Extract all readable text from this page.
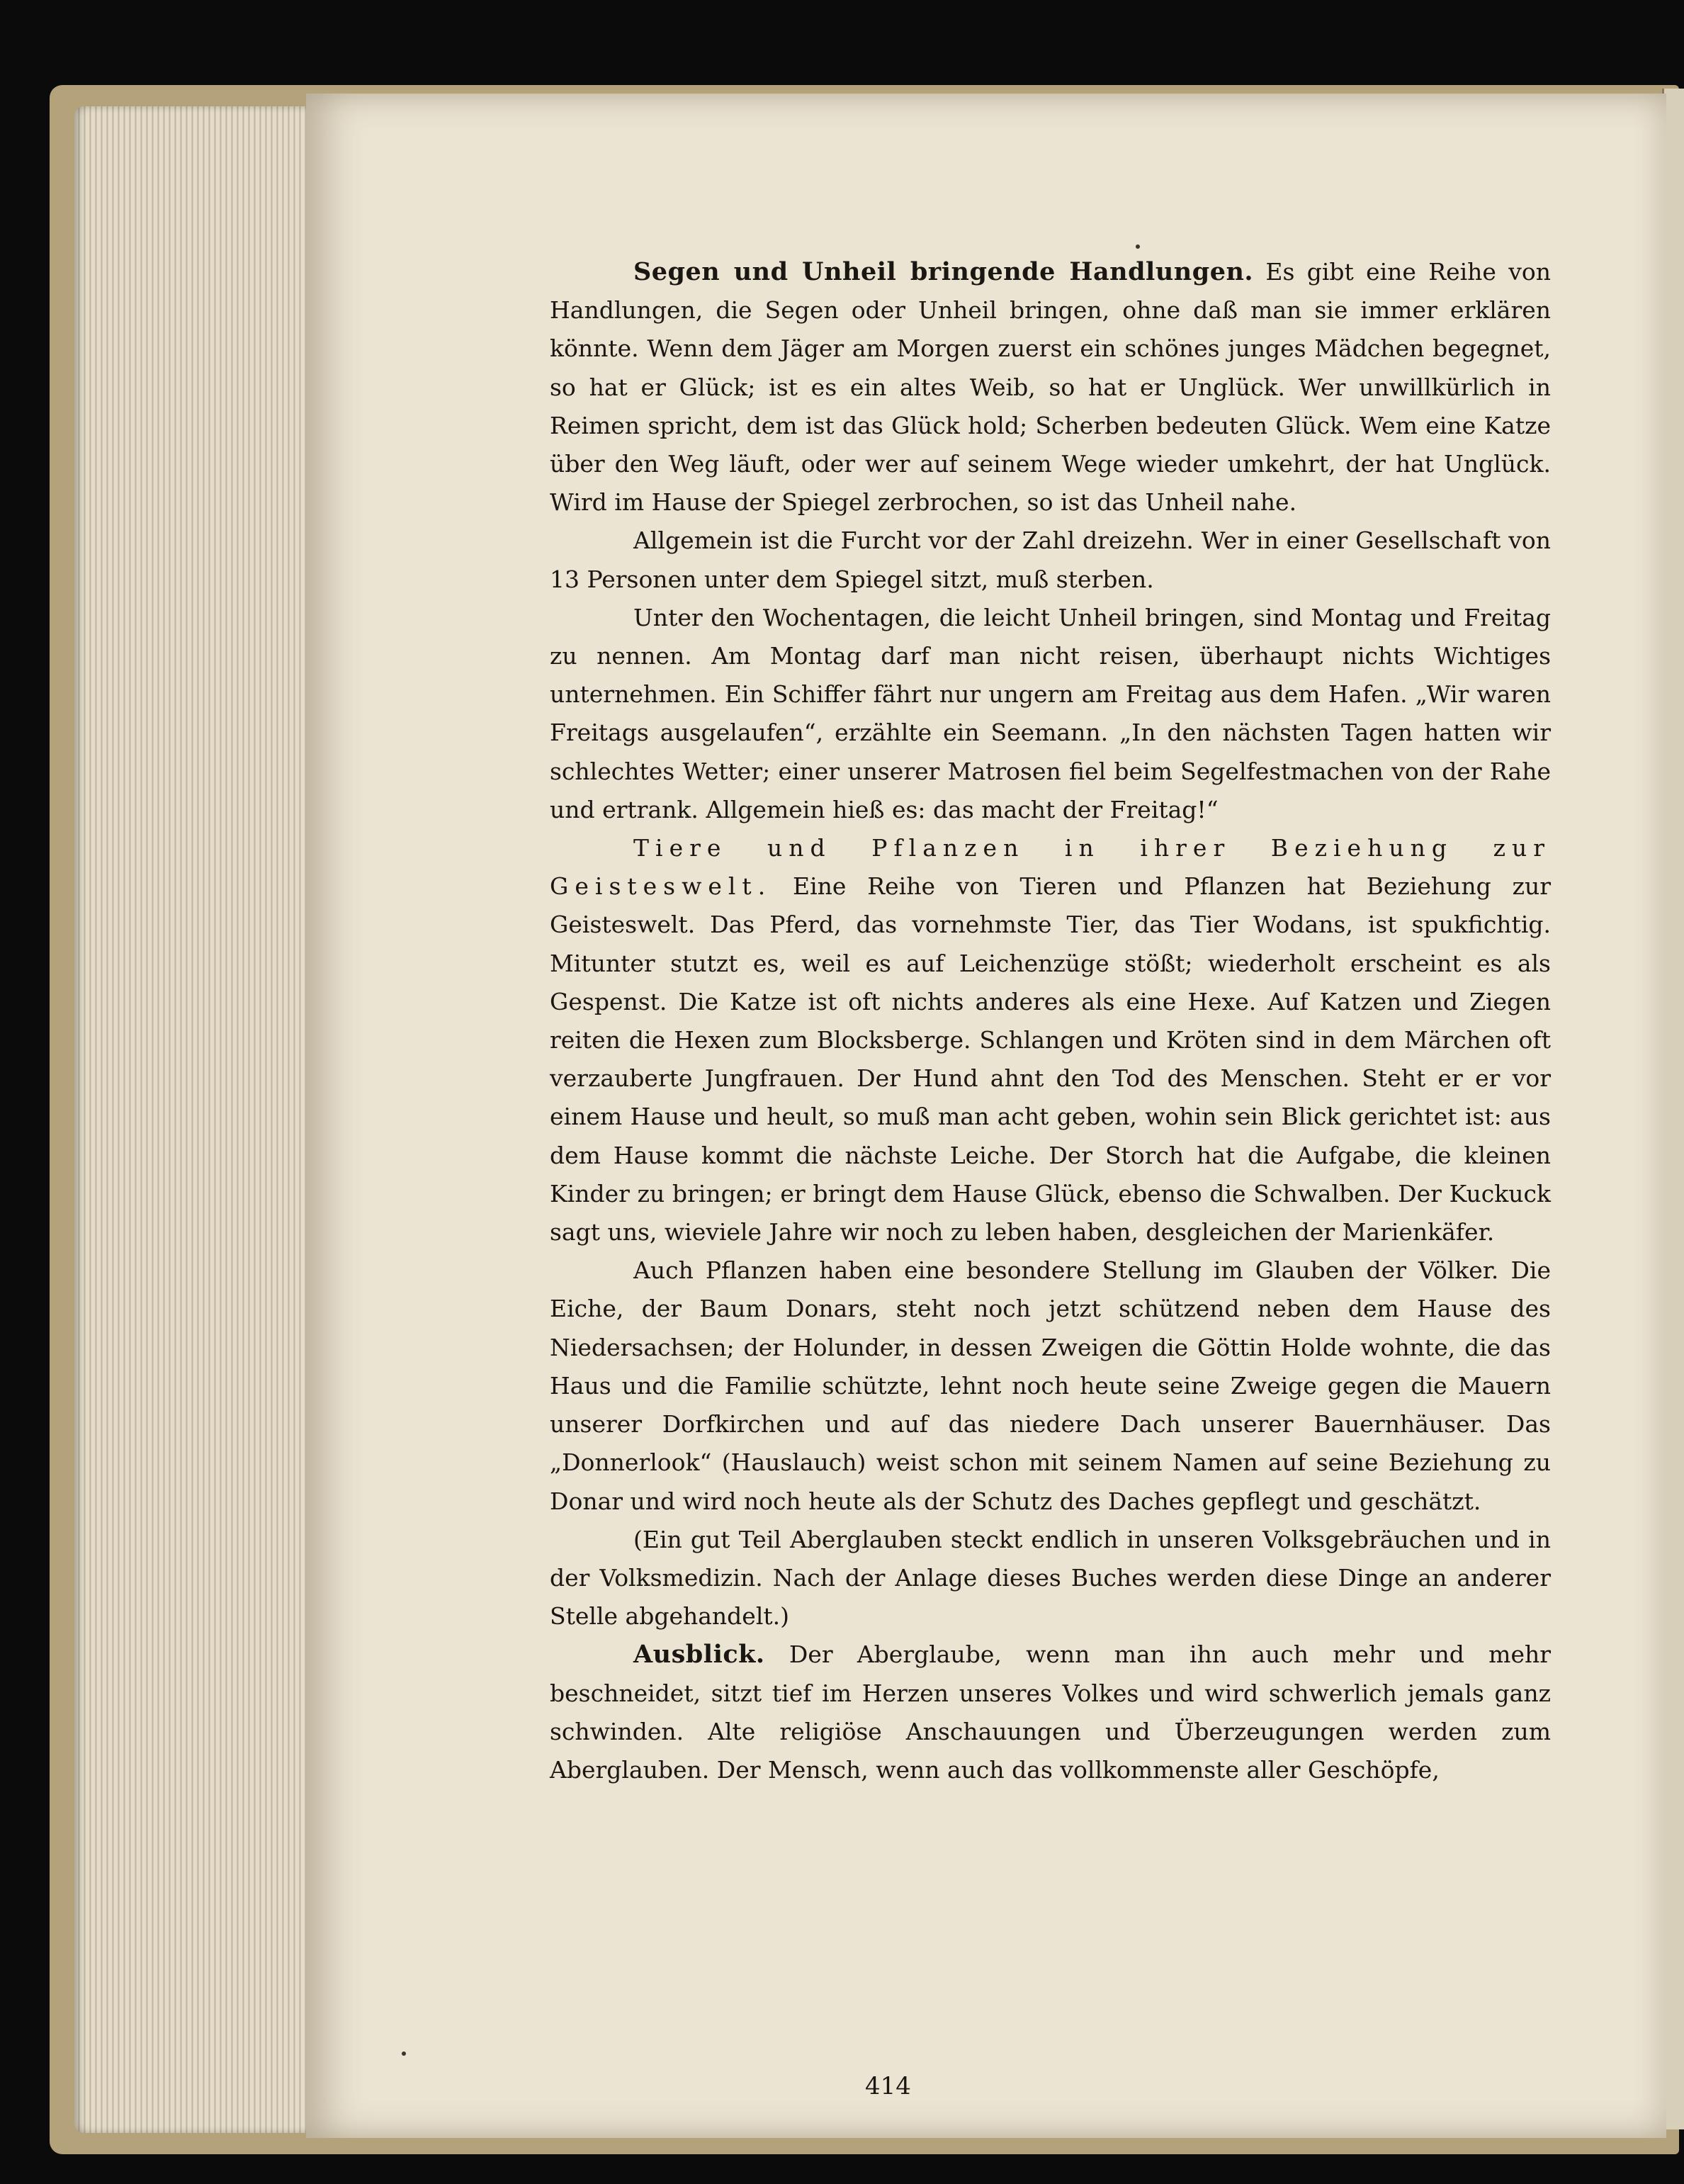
Segen und Unheil bringende Handlungen. Es gibt eine Reihe von Handlungen, die Segen oder Unheil bringen, ohne daß man sie immer erklären könnte. Wenn dem Jäger am Morgen zuerst ein schönes junges Mädchen begegnet, so hat er Glück; ist es ein altes Weib, so hat er Unglück. Wer unwillkürlich in Reimen spricht, dem ist das Glück hold; Scherben bedeuten Glück. Wem eine Katze über den Weg läuft, oder wer auf seinem Wege wieder umkehrt, der hat Unglück. Wird im Hause der Spiegel zerbrochen, so ist das Unheil nahe.

Allgemein ist die Furcht vor der Zahl dreizehn. Wer in einer Gesellschaft von 13 Personen unter dem Spiegel sitzt, muß sterben.

Unter den Wochentagen, die leicht Unheil bringen, sind Montag und Freitag zu nennen. Am Montag darf man nicht reisen, überhaupt nichts Wichtiges unternehmen. Ein Schiffer fährt nur ungern am Freitag aus dem Hafen. „Wir waren Freitags ausgelaufen“, erzählte ein Seemann. „In den nächsten Tagen hatten wir schlechtes Wetter; einer unserer Matrosen fiel beim Segelfestmachen von der Rahe und ertrank. Allgemein hieß es: das macht der Freitag!“

Tiere und Pflanzen in ihrer Beziehung zur Geisteswelt. Eine Reihe von Tieren und Pflanzen hat Beziehung zur Geisteswelt. Das Pferd, das vornehmste Tier, das Tier Wodans, ist spukfichtig. Mitunter stutzt es, weil es auf Leichenzüge stößt; wiederholt erscheint es als Gespenst. Die Katze ist oft nichts anderes als eine Hexe. Auf Katzen und Ziegen reiten die Hexen zum Blocksberge. Schlangen und Kröten sind in dem Märchen oft verzauberte Jungfrauen. Der Hund ahnt den Tod des Menschen. Steht er er vor einem Hause und heult, so muß man acht geben, wohin sein Blick gerichtet ist: aus dem Hause kommt die nächste Leiche. Der Storch hat die Aufgabe, die kleinen Kinder zu bringen; er bringt dem Hause Glück, ebenso die Schwalben. Der Kuckuck sagt uns, wieviele Jahre wir noch zu leben haben, desgleichen der Marienkäfer.

Auch Pflanzen haben eine besondere Stellung im Glauben der Völker. Die Eiche, der Baum Donars, steht noch jetzt schützend neben dem Hause des Niedersachsen; der Holunder, in dessen Zweigen die Göttin Holde wohnte, die das Haus und die Familie schützte, lehnt noch heute seine Zweige gegen die Mauern unserer Dorfkirchen und auf das niedere Dach unserer Bauernhäuser. Das „Donnerlook“ (Hauslauch) weist schon mit seinem Namen auf seine Beziehung zu Donar und wird noch heute als der Schutz des Daches gepflegt und geschätzt.

(Ein gut Teil Aberglauben steckt endlich in unseren Volksgebräuchen und in der Volksmedizin. Nach der Anlage dieses Buches werden diese Dinge an anderer Stelle abgehandelt.)

Ausblick. Der Aberglaube, wenn man ihn auch mehr und mehr beschneidet, sitzt tief im Herzen unseres Volkes und wird schwerlich jemals ganz schwinden. Alte religiöse Anschauungen und Überzeugungen werden zum Aberglauben. Der Mensch, wenn auch das vollkommenste aller Geschöpfe,

414
